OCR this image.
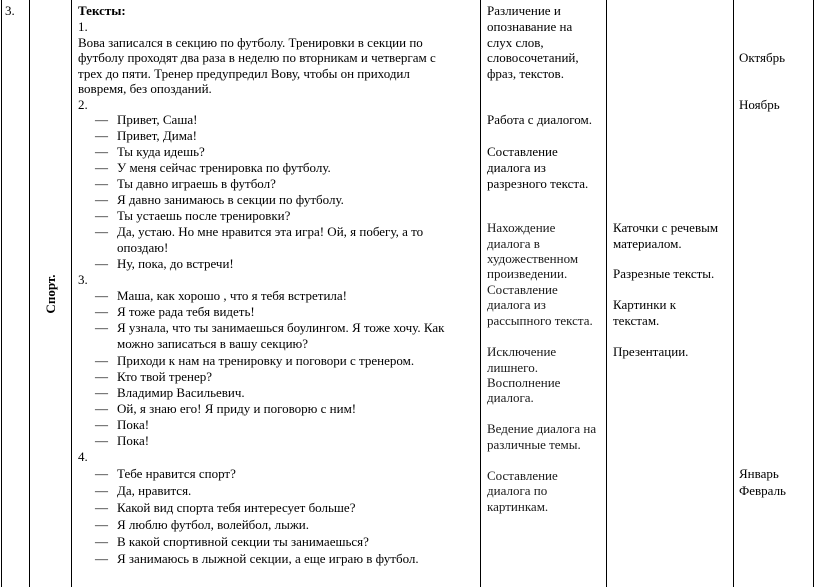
3.
Спорт.
Тексты:
1.
Вова записался в секцию по футболу. Тренировки в секции по
футболу проходят два раза в неделю по вторникам и четвергам с
трех до пяти. Тренер предупредил Вову, чтобы он приходил
вовремя, без опозданий.
2.
— Привет, Саша!
— Привет, Дима!
— Ты куда идешь?
— У меня сейчас тренировка по футболу.
— Ты давно играешь в футбол?
— Я давно занимаюсь в секции по футболу.
— Ты устаешь после тренировки?
— Да, устаю. Но мне нравится эта игра! Ой, я побегу, а то
опоздаю!
— Ну, пока, до встречи!
3.
— Маша, как хорошо , что я тебя встретила!
— Я тоже рада тебя видеть!
— Я узнала, что ты занимаешься боулингом. Я тоже хочу. Как
можно записаться в вашу секцию?
— Приходи к нам на тренировку и поговори с тренером.
— Кто твой тренер?
— Владимир Васильевич.
— Ой, я знаю его! Я приду и поговорю с ним!
— Пока!
— Пока!
4.
— Тебе нравится спорт?
— Да, нравится.
— Какой вид спорта тебя интересует больше?
— Я люблю футбол, волейбол, лыжи.
— В какой спортивной секции ты занимаешься?
— Я занимаюсь в лыжной секции, а еще играю в футбол.
Различение и
опознавание на
слух слов,
словосочетаний,
фраз, текстов.
Работа с диалогом.
Составление
диалога из
разрезного текста.
Нахождение
диалога в
художественном
произведении.
Составление
диалога из
рассыпного текста.
Исключение
лишнего.
Восполнение
диалога.
Ведение диалога на
различные темы.
Составление
диалога по
картинкам.
Каточки с речевым
материалом.
Разрезные тексты.
Картинки к
текстам.
Презентации.
Октябрь
Ноябрь
Январь
Февраль
